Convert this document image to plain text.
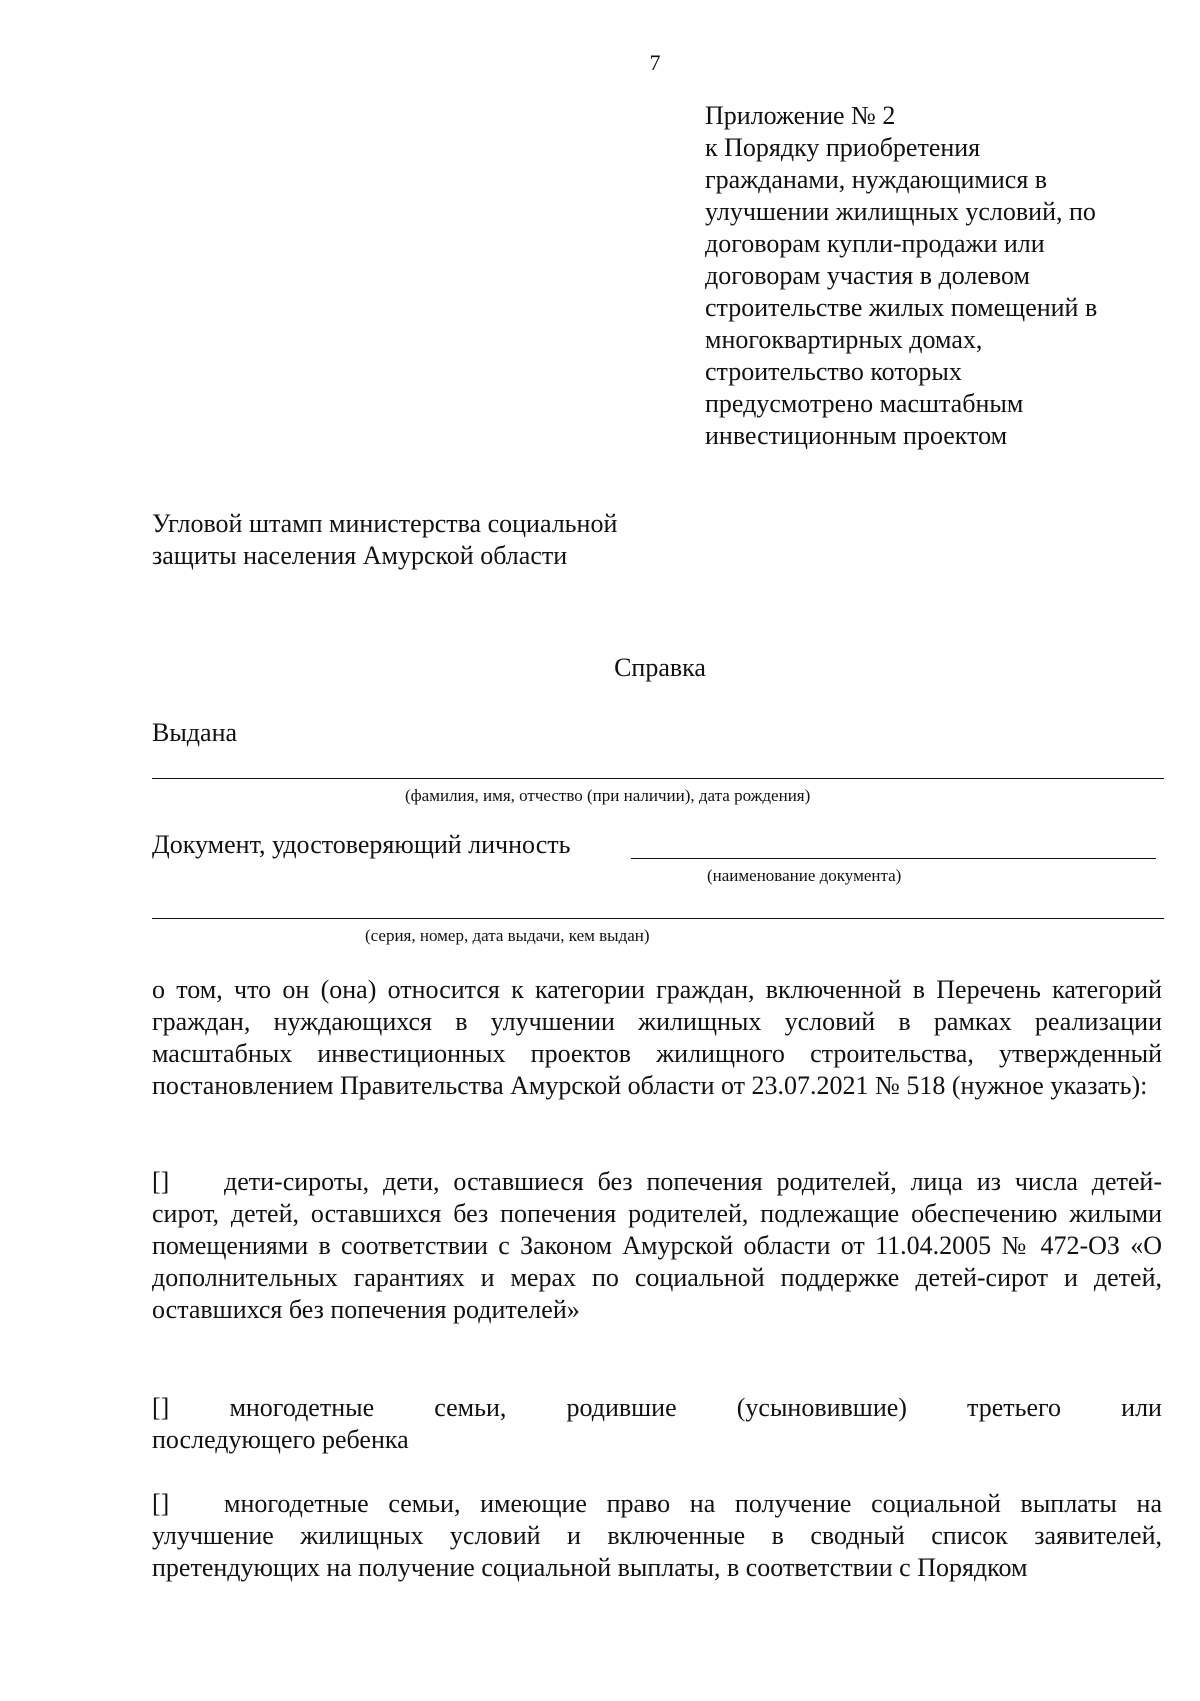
7
Приложение № 2
к Порядку приобретения
гражданами, нуждающимися в
улучшении жилищных условий, по
договорам купли-продажи или
договорам участия в долевом
строительстве жилых помещений в
многоквартирных домах,
строительство которых
предусмотрено масштабным
инвестиционным проектом
Угловой штамп министерства социальной
защиты населения Амурской области
Справка
Выдана
(фамилия, имя, отчество (при наличии), дата рождения)
Документ, удостоверяющий личность
(наименование документа)
(серия, номер, дата выдачи, кем выдан)
о том, что он (она) относится к категории граждан, включенной в Перечень категорий граждан, нуждающихся в улучшении жилищных условий в рамках реализации масштабных инвестиционных проектов жилищного строительства, утвержденный постановлением Правительства Амурской области от 23.07.2021 № 518 (нужное указать):
[] дети-сироты, дети, оставшиеся без попечения родителей, лица из числа детей-сирот, детей, оставшихся без попечения родителей, подлежащие обеспечению жилыми помещениями в соответствии с Законом Амурской области от 11.04.2005 № 472-ОЗ «О дополнительных гарантиях и мерах по социальной поддержке детей-сирот и детей, оставшихся без попечения родителей»
[] многодетные семьи, родившие (усыновившие) третьего или
последующего ребенка
[] многодетные семьи, имеющие право на получение социальной выплаты на улучшение жилищных условий и включенные в сводный список заявителей, претендующих на получение социальной выплаты, в соответствии с Порядком
